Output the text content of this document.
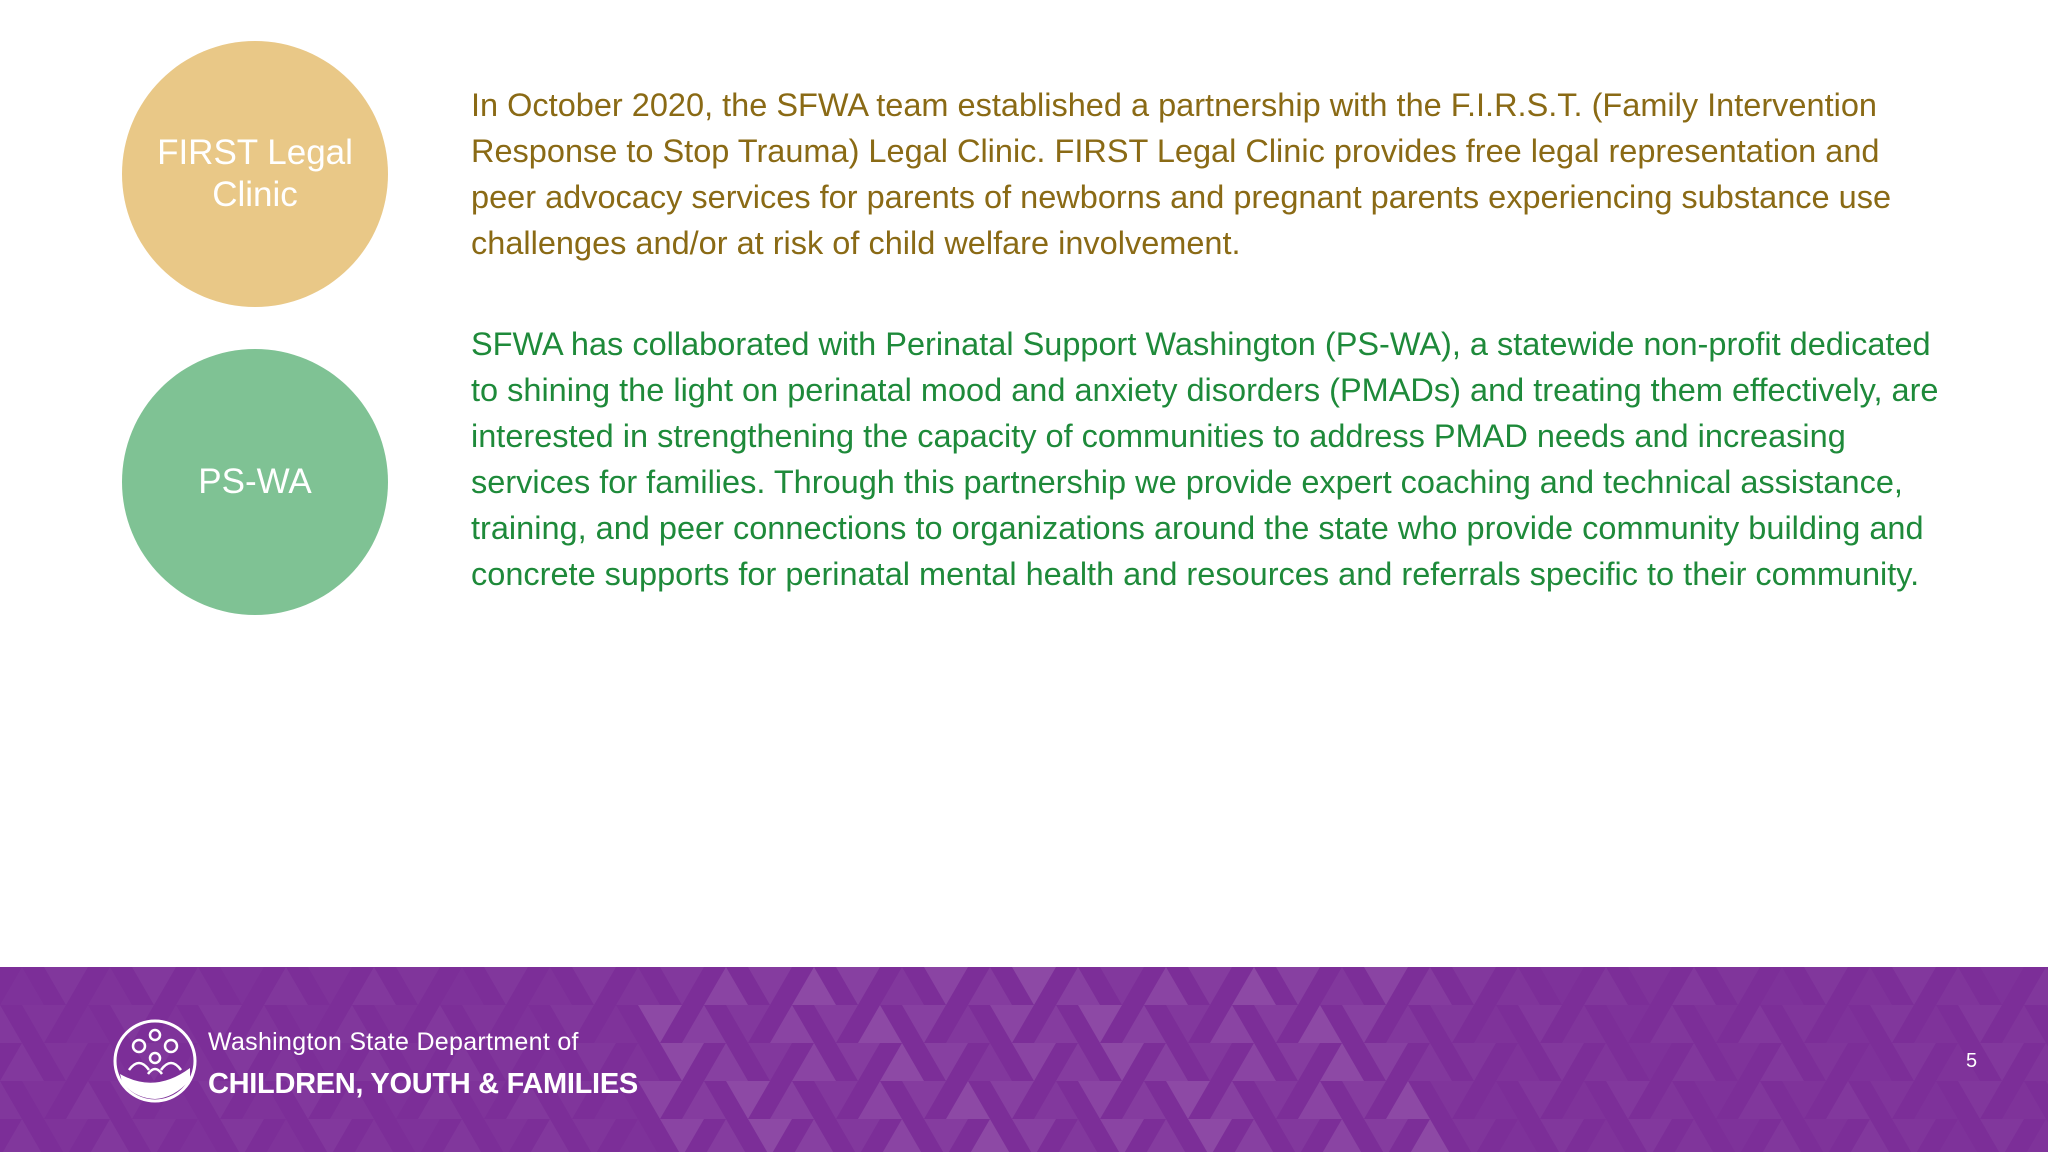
FIRST Legal Clinic

In October 2020, the SFWA team established a partnership with the F.I.R.S.T. (Family Intervention Response to Stop Trauma) Legal Clinic. FIRST Legal Clinic provides free legal representation and peer advocacy services for parents of newborns and pregnant parents experiencing substance use challenges and/or at risk of child welfare involvement.

PS-WA

SFWA has collaborated with Perinatal Support Washington (PS-WA), a statewide non-profit dedicated to shining the light on perinatal mood and anxiety disorders (PMADs) and treating them effectively, are interested in strengthening the capacity of communities to address PMAD needs and increasing services for families. Through this partnership we provide expert coaching and technical assistance, training, and peer connections to organizations around the state who provide community building and concrete supports for perinatal mental health and resources and referrals specific to their community.

Washington State Department of
CHILDREN, YOUTH & FAMILIES
5
